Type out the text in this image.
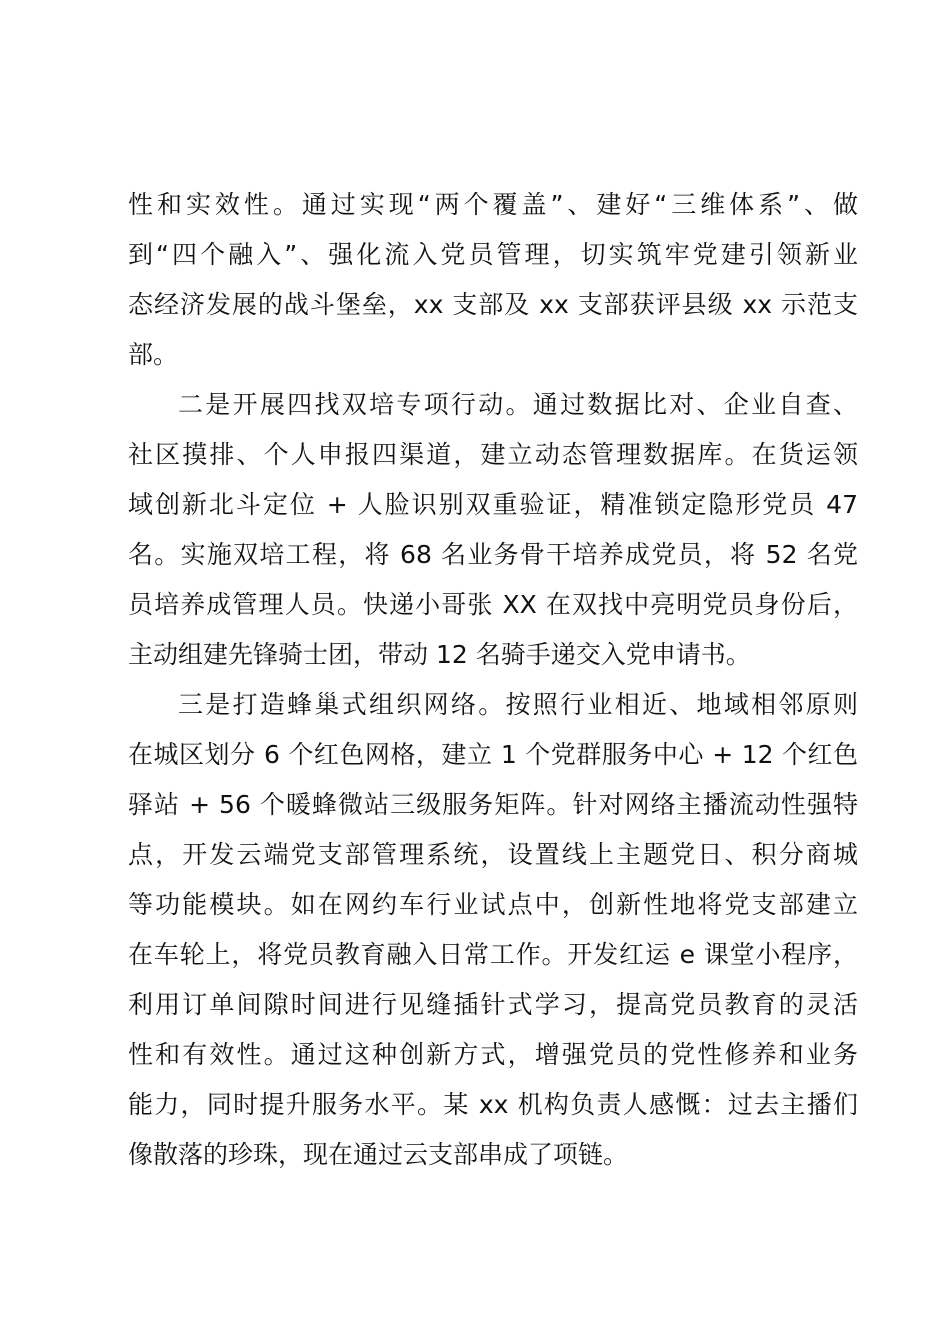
性和实效性。通过实现“两个覆盖”、建好“三维体系”、做
到“四个融入”、强化流入党员管理，切实筑牢党建引领新业
态经济发展的战斗堡垒，xx 支部及 xx 支部获评县级 xx 示范支
部。
二是开展四找双培专项行动。通过数据比对、企业自查、
社区摸排、个人申报四渠道，建立动态管理数据库。在货运领
域创新北斗定位 + 人脸识别双重验证，精准锁定隐形党员 47
名。实施双培工程，将 68 名业务骨干培养成党员，将 52 名党
员培养成管理人员。快递小哥张 XX 在双找中亮明党员身份后，
主动组建先锋骑士团，带动 12 名骑手递交入党申请书。
三是打造蜂巢式组织网络。按照行业相近、地域相邻原则
在城区划分 6 个红色网格，建立 1 个党群服务中心 + 12 个红色
驿站 + 56 个暖蜂微站三级服务矩阵。针对网络主播流动性强特
点，开发云端党支部管理系统，设置线上主题党日、积分商城
等功能模块。如在网约车行业试点中，创新性地将党支部建立
在车轮上，将党员教育融入日常工作。开发红运 e 课堂小程序，
利用订单间隙时间进行见缝插针式学习，提高党员教育的灵活
性和有效性。通过这种创新方式，增强党员的党性修养和业务
能力，同时提升服务水平。某 xx 机构负责人感慨：过去主播们
像散落的珍珠，现在通过云支部串成了项链。
